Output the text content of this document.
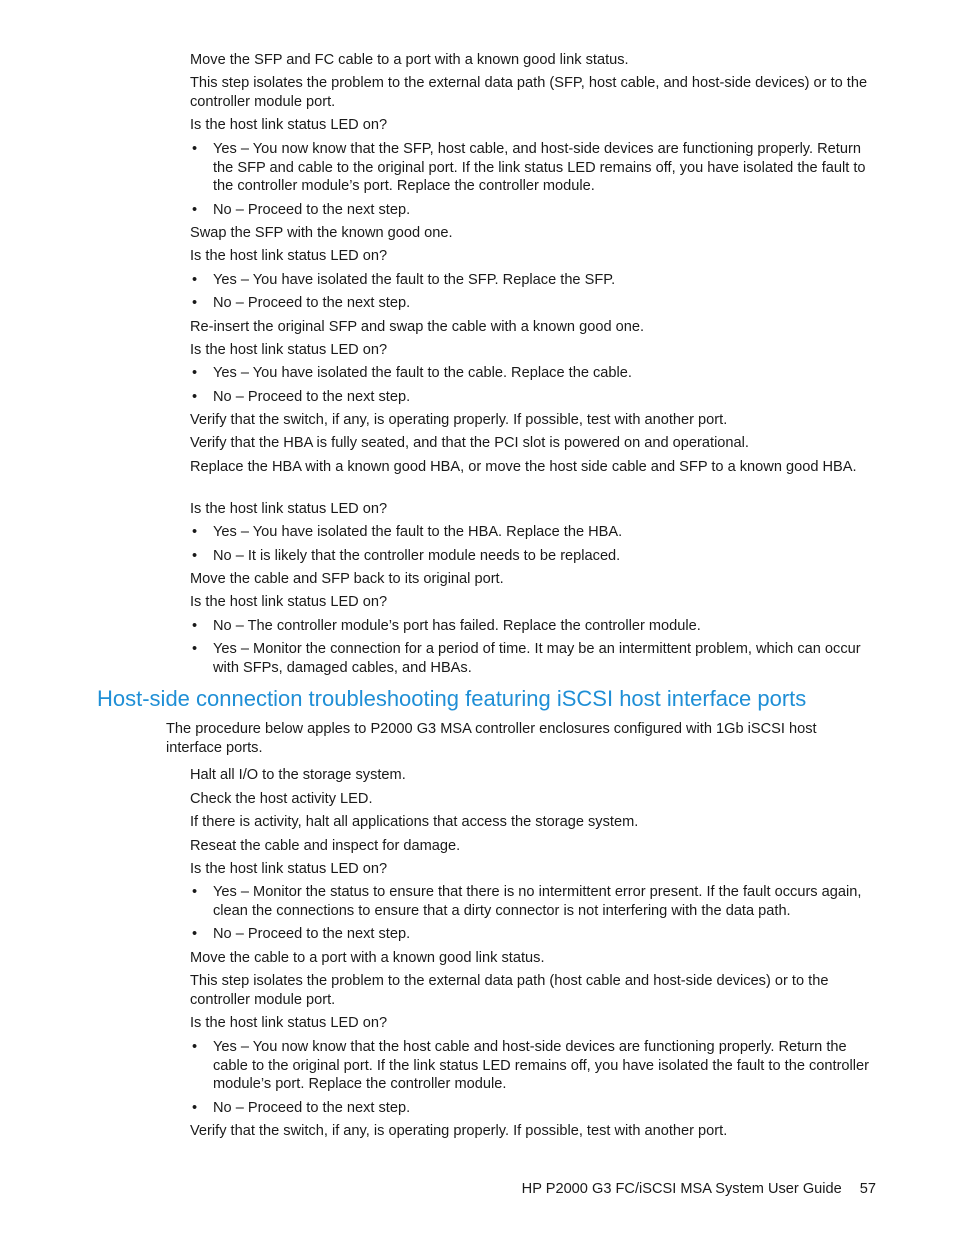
Move the SFP and FC cable to a port with a known good link status.
This step isolates the problem to the external data path (SFP, host cable, and host-side devices) or to the controller module port.
Is the host link status LED on?
• Yes – You now know that the SFP, host cable, and host-side devices are functioning properly. Return the SFP and cable to the original port. If the link status LED remains off, you have isolated the fault to the controller module’s port. Replace the controller module.
• No – Proceed to the next step.
Swap the SFP with the known good one.
Is the host link status LED on?
• Yes – You have isolated the fault to the SFP. Replace the SFP.
• No – Proceed to the next step.
Re-insert the original SFP and swap the cable with a known good one.
Is the host link status LED on?
• Yes – You have isolated the fault to the cable. Replace the cable.
• No – Proceed to the next step.
Verify that the switch, if any, is operating properly. If possible, test with another port.
Verify that the HBA is fully seated, and that the PCI slot is powered on and operational.
Replace the HBA with a known good HBA, or move the host side cable and SFP to a known good HBA.
Is the host link status LED on?
• Yes – You have isolated the fault to the HBA. Replace the HBA.
• No – It is likely that the controller module needs to be replaced.
Move the cable and SFP back to its original port.
Is the host link status LED on?
• No – The controller module’s port has failed. Replace the controller module.
• Yes – Monitor the connection for a period of time. It may be an intermittent problem, which can occur with SFPs, damaged cables, and HBAs.
Host-side connection troubleshooting featuring iSCSI host interface ports
The procedure below apples to P2000 G3 MSA controller enclosures configured with 1Gb iSCSI host interface ports.
Halt all I/O to the storage system.
Check the host activity LED.
If there is activity, halt all applications that access the storage system.
Reseat the cable and inspect for damage.
Is the host link status LED on?
• Yes – Monitor the status to ensure that there is no intermittent error present. If the fault occurs again, clean the connections to ensure that a dirty connector is not interfering with the data path.
• No – Proceed to the next step.
Move the cable to a port with a known good link status.
This step isolates the problem to the external data path (host cable and host-side devices) or to the controller module port.
Is the host link status LED on?
• Yes – You now know that the host cable and host-side devices are functioning properly. Return the cable to the original port. If the link status LED remains off, you have isolated the fault to the controller module’s port. Replace the controller module.
• No – Proceed to the next step.
Verify that the switch, if any, is operating properly. If possible, test with another port.
HP P2000 G3 FC/iSCSI MSA System User Guide 57
